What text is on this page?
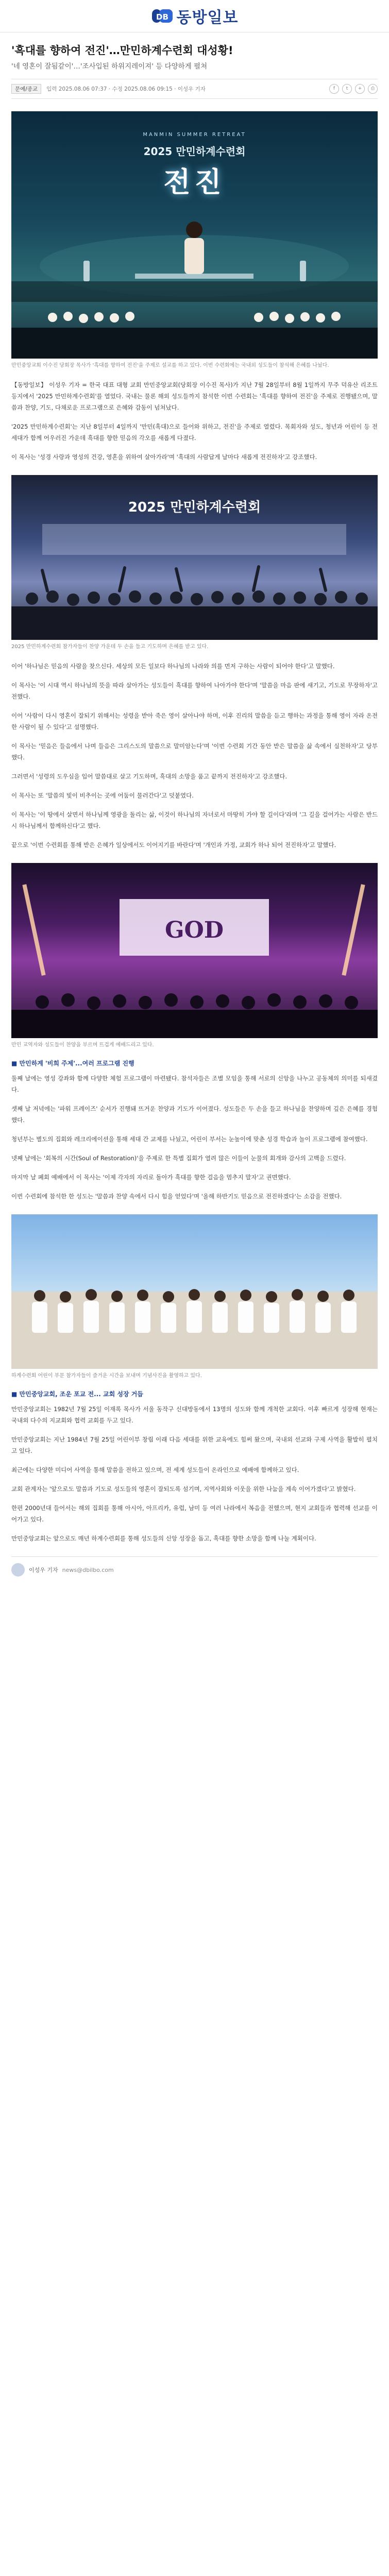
DB 동방일보
'흑대를 향하여 전진'…만민하계수련회 대성황!
'네 영혼이 잘됨같이'…'조사입된 하위지레이져' 등 다양하게 펼쳐
문예/종교	입력 2025.08.06 07:37 · 수정 2025.08.06 09:15 · 이성우 기자	f	t	+	⎙
MANMIN SUMMER RETREAT
2025 만민하계수련회
전진
만민중앙교회 이수진 당회장 목사가 '흑대를 향하여 전진'을 주제로 설교를 하고 있다. 이번 수련회에는 국내외 성도들이 참석해 은혜를 나눴다.

【동방일보】 이성우 기자 = 한국 대표 대형 교회 만민중앙교회(당회장 이수진 목사)가 지난 7월 28일부터 8월 1일까지 무주 덕유산 리조트 등지에서 '2025 만민하계수련회'를 열었다. 국내는 물론 해외 성도들까지 참석한 이번 수련회는 '흑대를 향하여 전진'을 주제로 진행됐으며, 말씀과 찬양, 기도, 다채로운 프로그램으로 은혜와 감동이 넘쳐났다.

'2025 만민하계수련회'는 지난 8일부터 4일까지 '만민(흑대)으로 들어와 위하고, 전진'을 주제로 열렸다. 목회자와 성도, 청년과 어린이 등 전 세대가 함께 어우러진 가운데 흑대를 향한 믿음의 각오를 새롭게 다졌다.

이 목사는 '성경 사랑과 영성의 건강, 영혼을 위하여 살아가라'며 '흑대의 사람답게 날마다 새롭게 전진하자'고 강조했다.

2025 만민하계수련회
2025 만민하계수련회 참가자들이 찬양 가운데 두 손을 들고 기도하며 은혜를 받고 있다.

이어 '하나님은 믿음의 사람을 찾으신다. 세상의 모든 일보다 하나님의 나라와 의를 먼저 구하는 사람이 되어야 한다'고 말했다.

이 목사는 '이 시대 역시 하나님의 뜻을 따라 살아가는 성도들이 흑대를 향하여 나아가야 한다'며 '말씀을 마음 판에 새기고, 기도로 무장하자'고 전했다.

이어 '사람이 다시 영혼이 잘되기 위해서는 성령을 받아 죽은 영이 살아나야 하며, 이후 진리의 말씀을 듣고 행하는 과정을 통해 영이 자라 온전한 사람이 될 수 있다'고 설명했다.

이 목사는 '믿음은 들음에서 나며 들음은 그리스도의 말씀으로 말미암는다'며 '이번 수련회 기간 동안 받은 말씀을 삶 속에서 실천하자'고 당부했다.

그러면서 '성령의 도우심을 입어 말씀대로 살고 기도하며, 흑대의 소망을 품고 끝까지 전진하자'고 강조했다.

이 목사는 또 '말씀의 빛이 비추이는 곳에 어둠이 물러간다'고 덧붙였다.

이 목사는 '이 땅에서 살면서 하나님께 영광을 돌리는 삶, 이것이 하나님의 자녀로서 마땅히 가야 할 길이다'라며 '그 길을 걸어가는 사람은 반드시 하나님께서 함께하신다'고 했다.

끝으로 '이번 수련회를 통해 받은 은혜가 일상에서도 이어지기를 바란다'며 '개인과 가정, 교회가 하나 되어 전진하자'고 말했다.

GOD
만민 교역자와 성도들이 찬양을 부르며 뜨겁게 예배드리고 있다.
■ 만민하계 '비희 주제'...여러 프로그램 진행

둘째 날에는 영성 강좌와 함께 다양한 체험 프로그램이 마련됐다. 참석자들은 조별 모임을 통해 서로의 신앙을 나누고 공동체의 의미를 되새겼다.

셋째 날 저녁에는 '파워 프레이즈' 순서가 진행돼 뜨거운 찬양과 기도가 이어졌다. 성도들은 두 손을 들고 하나님을 찬양하며 깊은 은혜를 경험했다.

청년부는 별도의 집회와 레크리에이션을 통해 세대 간 교제를 나눴고, 어린이 부서는 눈높이에 맞춘 성경 학습과 놀이 프로그램에 참여했다.

넷째 날에는 '회복의 시간(Soul of Restoration)'을 주제로 한 특별 집회가 열려 많은 이들이 눈물의 회개와 감사의 고백을 드렸다.

마지막 날 폐회 예배에서 이 목사는 '이제 각자의 자리로 돌아가 흑대를 향한 걸음을 멈추지 말자'고 권면했다.

이번 수련회에 참석한 한 성도는 '말씀과 찬양 속에서 다시 힘을 얻었다'며 '올해 하반기도 믿음으로 전진하겠다'는 소감을 전했다.

하계수련회 어린이 부문 참가자들이 즐거운 시간을 보내며 기념사진을 촬영하고 있다.
■ 만민중앙교회, 조운 포교 전... 교회 성장 거듭

만민중앙교회는 1982년 7월 25일 이재록 목사가 서울 동작구 신대방동에서 13명의 성도와 함께 개척한 교회다. 이후 빠르게 성장해 현재는 국내외 다수의 지교회와 협력 교회를 두고 있다.

만민중앙교회는 지난 1984년 7월 25일 어린이부 창립 이래 다음 세대를 위한 교육에도 힘써 왔으며, 국내외 선교와 구제 사역을 활발히 펼치고 있다.

최근에는 다양한 미디어 사역을 통해 말씀을 전하고 있으며, 전 세계 성도들이 온라인으로 예배에 함께하고 있다.

교회 관계자는 '앞으로도 말씀과 기도로 성도들의 영혼이 잘되도록 섬기며, 지역사회와 이웃을 위한 나눔을 계속 이어가겠다'고 밝혔다.

한편 2000년대 들어서는 해외 집회를 통해 아시아, 아프리카, 유럽, 남미 등 여러 나라에서 복음을 전했으며, 현지 교회들과 협력해 선교를 이어가고 있다.

만민중앙교회는 앞으로도 매년 하계수련회를 통해 성도들의 신앙 성장을 돕고, 흑대를 향한 소망을 함께 나눌 계획이다.

이성우 기자 news@dbilbo.com
